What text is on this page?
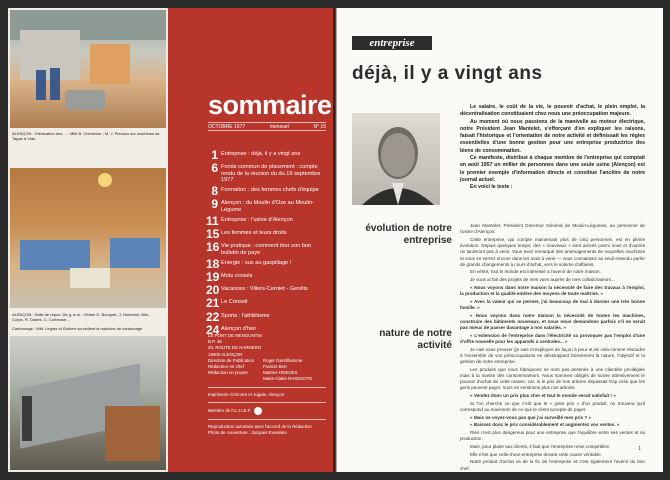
ALENÇON - Fabrication des ... : Mlle B. Chenevier ; M. J. Piedoux sur machines de Tappe à Vide
ALENÇON : Salle de repos. De g. à dr. : Mmes G. Bouquet, J. Hortemel, Blin... Corps, R. Dadek, C. Corbeuse...
Cartonnage : MM. Legras et Guibert surveillent la machine de cartonnage
sommaire
OCTOBRE 1977	mensuel	N° 15
1 Entreprise : déjà, il y a vingt ans
6 Fonds commun de placement : compte rendu de la réunion du du 19 septembre 1977
8 Formation : des femmes chefs d'équipe
9 Alençon : du Moulin d'Oze au Moulin-Légume
11 Entreprise : l'usine d'Alençon
15 Les femmes et leurs droits
16 Vie pratique : comment tirer son bon bulletin de paye
18 Energie : sus au gaspillage !
19 Mots croisés
20 Vacances : Villers-Cerniet - Genêts
21 Le Conseil
22 Sports : l'athlétisme
24 Alençon d'hier
LE PONT DE MENOUNTIN
B.P. 46
20, ROUTE DE NARNERO
19000 ALENÇON
Direction de Publication	Roger Gentilhomme
Rédacteur en chef	Francis Bert
Rédaction en propre	Martine HOEUES
Marie-Claire RASEDOTE
Imprimerie Crémore et Jugain, Alençon
Membre de l'U.J.I.E.F.
Reproduction autorisée avec l'accord de la Rédaction
Photo de couverture : Jacques Eveslaire
entreprise
déjà, il y a vingt ans

Le salaire, le coût de la vie, le pouvoir d'achat, le plein emploi, la décentralisation constituaient chez nous une préoccupation majeure.

Au moment où nous passions de la manivelle au moteur électrique, notre Président Jean Mantelet, s'efforçant d'en expliquer les raisons, faisait l'historique et l'orientation de notre activité et définissait les règles essentielles d'une bonne gestion pour une entreprise productrice des biens de consommation.

Ce manifeste, distribué à chaque membre de l'entreprise qui comptait en août 1957 un millier de personnes dans une seule usine (Alençon) est le premier exemple d'information directe et constitue l'ancêtre de notre journal actuel.

En voici le texte :

évolution de notre entreprise
nature de notre activité

Jean Mantelet, Président Directeur Général de Moulin-Légumes, au personnel de l'usine d'Alençon.

Cette entreprise, qui compte maintenant plus de cinq personnes, est en pleine évolution. Depuis quelques temps, des « nouveaux » sont arrivés parmi nous et d'autres ne tarderont pas à venir. Vous avez remarqué des aménagements de nouvelles machines et vous en verrez encore dans les mois à venir — vous connaissez au seuil entendu parler de grands changements à cours d'achat, vers le volume d'affaires.

En vérité, tout le monde est intéressé à l'avenir de notre maison.

Je vous ai fait des projets de mes vues auprès de mes collaborateurs...

« Nous voyons dans notre maison la nécessité de faire des travaux à l'emploi, la production et la qualité entière des moyens de toute maîtrise. »

« Avec la valeur qui se permet, j'ai beaucoup de mal à donner une très bonne famille. »

« Nous voyons dans notre maison la nécessité de toutes les machines, construire des bâtiments nouveaux, et nous nous demandons parfois s'il ne serait pas mieux de passer davantage à nos salariés. »

« L'extension de l'entreprise dans l'électricité va provoquer pas l'emploi d'une d'offre nouvelle pour les appareils à centrales... »

Je vais vous prouver (je vais m'expliquer de façon à pour et de cela comme résoudre à l'ensemble de vos préoccupations en développant brièvement la nature, l'objectif et la gestion de notre entreprise.

Les produits que nous fabriquons ne sont pas destinés à une clientèle privilégiée mais à la masse des consommateurs. Nous sommes obligés de suivre attentivement le pouvoir d'achat de cette masse, car, si le prix de nos articles dépassait trop celui que les gens peuvent payer, nous ne vendrions plus nos articles.

« Vendez donc un prix plus cher et tout le monde serait satisfait ! »

Si l'on cherche ce que c'est que le « juste prix » d'un produit, on trouvera qu'il correspond au maximum de ce que le client accepte de payer.

« Mais ne voyez-vous pas que j'ai surveillé mes prix ? »

« Baissez donc le prix considérablement et augmentez vos ventes. »

Rien n'est plus dangereux pour une entreprise que l'équilibre entre ses ventes et sa production.

Mais, pour plaire aux clients, il faut que l'entreprise reste compétitive.

Elle n'est que celle d'une entreprise devant cette cause véritable.

Notre produit d'achat va de la fin de l'entreprise et c'est également l'avenir du bon chef.

1
